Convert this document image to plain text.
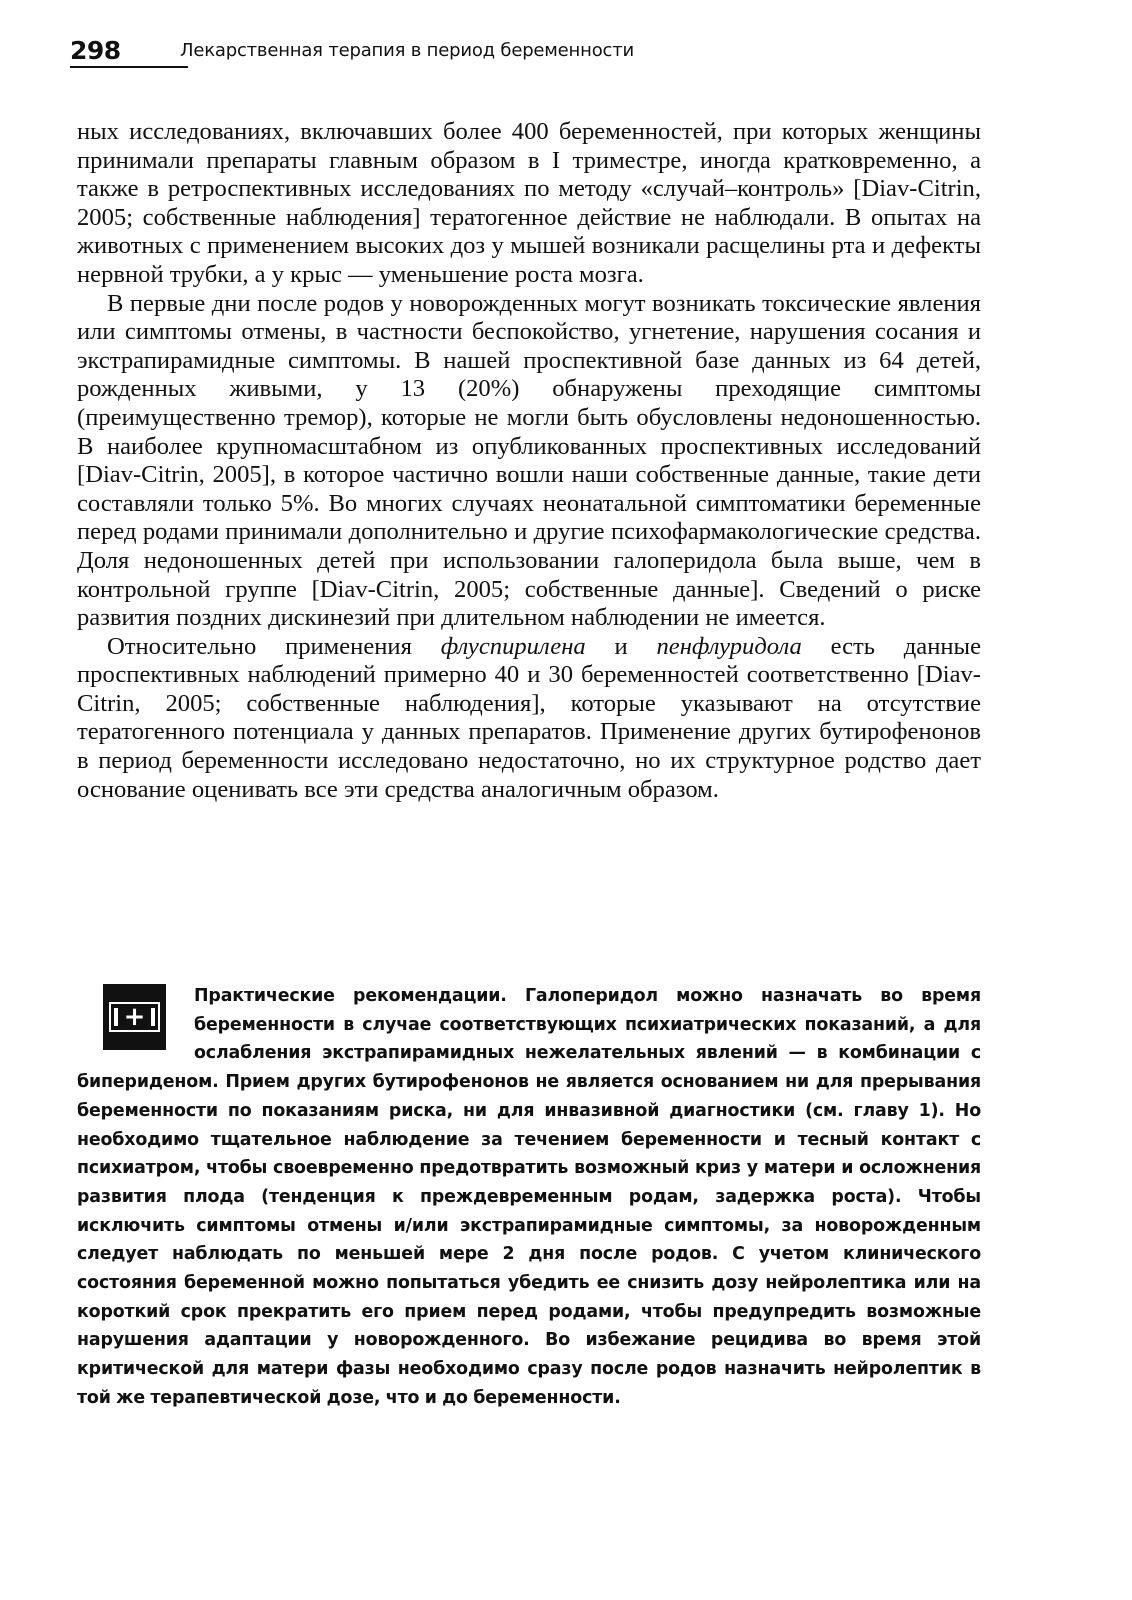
298	Лекарственная терапия в период беременности

ных исследованиях, включавших более 400 беременностей, при которых женщины принимали препараты главным образом в I триместре, иногда кратковременно, а также в ретроспективных исследованиях по методу «случай–контроль» [Diav-Citrin, 2005; собственные наблюдения] тератогенное действие не наблюдали. В опытах на животных с применением высоких доз у мышей возникали расщелины рта и дефекты нервной трубки, а у крыс — уменьшение роста мозга.

В первые дни после родов у новорожденных могут возникать токсические явления или симптомы отмены, в частности беспокойство, угнетение, нарушения сосания и экстрапирамидные симптомы. В нашей проспективной базе данных из 64 детей, рожденных живыми, у 13 (20%) обнаружены преходящие симптомы (преимущественно тремор), которые не могли быть обусловлены недоношенностью. В наиболее крупномасштабном из опубликованных проспективных исследований [Diav-Citrin, 2005], в которое частично вошли наши собственные данные, такие дети составляли только 5%. Во многих случаях неонатальной симптоматики беременные перед родами принимали дополнительно и другие психофармакологические средства. Доля недоношенных детей при использовании галоперидола была выше, чем в контрольной группе [Diav-Citrin, 2005; собственные данные]. Сведений о риске развития поздних дискинезий при длительном наблюдении не имеется.

Относительно применения флуспирилена и пенфлуридола есть данные проспективных наблюдений примерно 40 и 30 беременностей соответственно [Diav-Citrin, 2005; собственные наблюдения], которые указывают на отсутствие тератогенного потенциала у данных препаратов. Применение других бутирофенонов в период беременности исследовано недостаточно, но их структурное родство дает основание оценивать все эти средства аналогичным образом.

+
Практические рекомендации. Галоперидол можно назначать во время беременности в случае соответствующих психиатрических показаний, а для ослабления экстрапирамидных нежелательных явлений — в комбинации с бипериденом. Прием других бутирофенонов не является основанием ни для прерывания беременности по показаниям риска, ни для инвазивной диагностики (см. главу 1). Но необходимо тщательное наблюдение за течением беременности и тесный контакт с психиатром, чтобы своевременно предотвратить возможный криз у матери и осложнения развития плода (тенденция к преждевременным родам, задержка роста). Чтобы исключить симптомы отмены и/или экстрапирамидные симптомы, за новорожденным следует наблюдать по меньшей мере 2 дня после родов. С учетом клинического состояния беременной можно попытаться убедить ее снизить дозу нейролептика или на короткий срок прекратить его прием перед родами, чтобы предупредить возможные нарушения адаптации у новорожденного. Во избежание рецидива во время этой критической для матери фазы необходимо сразу после родов назначить нейролептик в той же терапевтической дозе, что и до беременности.
